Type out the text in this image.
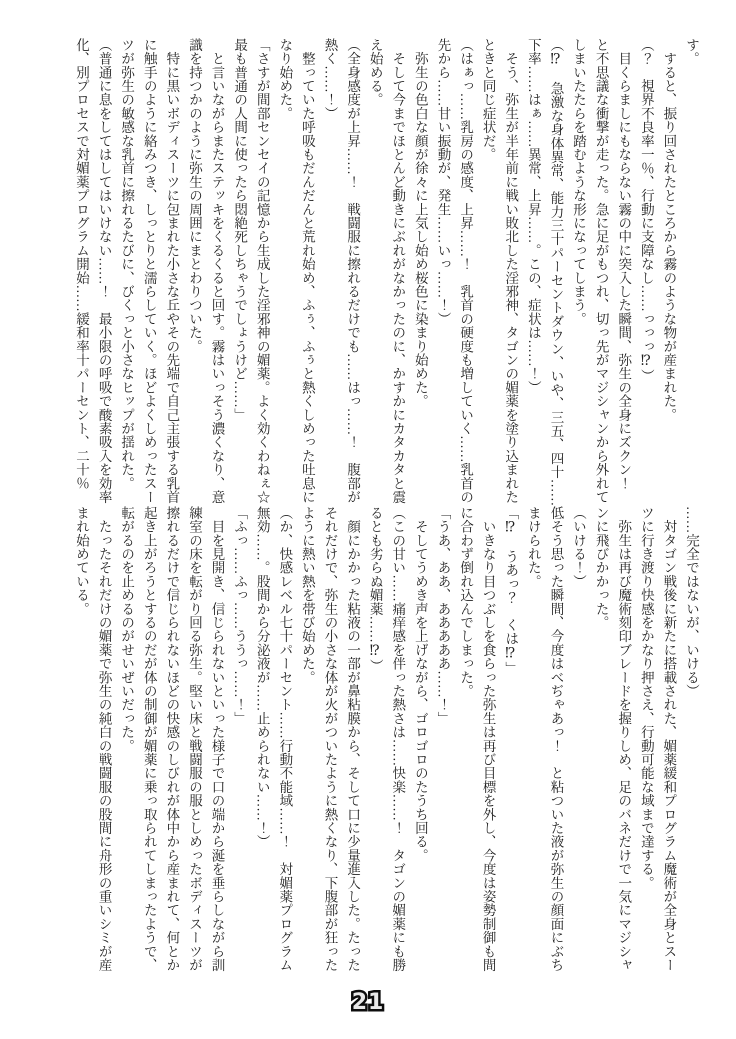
す。

　すると、振り回されたところから霧のような物が産まれた。

（？　視界不良率一％、行動に支障なし……っっっ⁉）

　目くらましにもならない霧の中に突入した瞬間、弥生の全身にズクン！

と不思議な衝撃が走った。急に足がもつれ、切っ先がマジシャンから外れて

しまいたたらを踏むような形になってしまう。

（⁉　急激な身体異常、能力三十パーセントダウン、いや、三五、四十……低

下率……はぁ……異常、上昇……。この、症状は……！）

　そう、弥生が半年前に戦い敗北した淫邪神、タゴンの媚薬を塗り込まれた

ときと同じ症状だ。

（はぁっ……乳房の感度、上昇……！　乳首の硬度も増していく……乳首の

先から……甘い振動が、発生……いっ……！）

　弥生の色白な顔が徐々に上気し始め桜色に染まり始めた。

　そして今までほとんど動きにぶれがなかったのに、かすかにカタカタと震

え始める。

（全身感度が上昇……！　戦闘服に擦れるだけでも……はっ……！　腹部が

熱く……！）

　整っていた呼吸もだんだんと荒れ始め、ふぅ、ふぅと熱くしめった吐息に

なり始めた。

「さすが間部センセイの記憶から生成した淫邪神の媚薬。よく効くわねぇ☆

最も普通の人間に使ったら悶絶死しちゃうでしょうけど……」

　と言いながらまたステッキをくるくると回す。霧はいっそう濃くなり、意

識を持つかのように弥生の周囲にまとわりついた。

　特に黒いボディスーツに包まれた小さな丘やその先端で自己主張する乳首

に触手のように絡みつき、しっとりと濡らしていく。ほどよくしめったスー

ツが弥生の敏感な乳首に擦れるたびに、びくっと小さなヒップが揺れた。

（普通に息をしてはしてはいけない……！　最小限の呼吸で酸素吸入を効率

化、別プロセスで対媚薬プログラム開始……緩和率十パーセント、二十％

……完全ではないが、いける）

　対タゴン戦後に新たに搭載された、媚薬緩和プログラム魔術が全身とスー

ツに行き渡り快感をかなり押さえ、行動可能な域まで達する。

　弥生は再び魔術刻印ブレードを握りしめ、足のバネだけで一気にマジシャ

ンに飛びかかった。

（いける！）

　そう思った瞬間、今度はべぢゃあっ！　と粘ついた液が弥生の顔面にぶち

まけられた。

「⁉　うあっ？　くは⁉」

　いきなり目つぶしを食らった弥生は再び目標を外し、今度は姿勢制御も間

に合わず倒れ込んでしまった。

「うあ、ああ、あああああ……！」

　そしてうめき声を上げながら、ゴロゴロのたうち回る。

（この甘い……痛痒感を伴った熱さは……快楽……！　タゴンの媚薬にも勝

るとも劣らぬ媚薬……⁉）

　顔にかかった粘液の一部が鼻粘膜から、そして口に少量進入した。たった

それだけで、弥生の小さな体が火がついたように熱くなり、下腹部が狂った

ように熱い熱を帯び始めた。

（か、快感レベル七十パーセント……行動不能域……！　対媚薬プログラム

無効……。股間から分泌液が……止められない……！）

「ふっ……ふっ……ううっ……！」

　目を見開き、信じられないといった様子で口の端から涎を垂らしながら訓

練室の床を転がり回る弥生。堅い床と戦闘服の服としめったボディスーツが

擦れるだけで信じられないほどの快感のしびれが体中から産まれて、何とか

起き上がろうとするのだが体の制御が媚薬に乗っ取られてしまったようで、

転がるのを止めるのがせいぜいだった。

　たったそれだけの媚薬で弥生の純白の戦闘服の股間に舟形の重いシミが産

まれ始めている。

21
